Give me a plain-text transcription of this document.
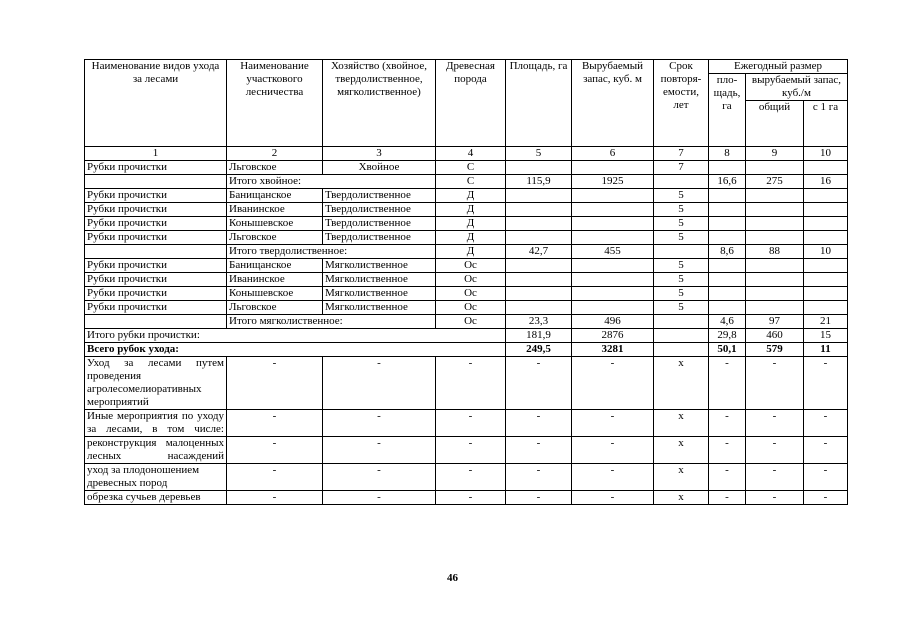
Наименование видов ухода за лесами	Наименование участкового лесничества	Хозяйство (хвойное, твердолиственное, мягколиственное)	Древесная порода	Площадь, га	Вырубаемый запас, куб. м	Срок повторя-емости, лет	Ежегодный размер		
							пло-щадь, га	вырубаемый запас, куб./м	
								общий	с 1 га
1	2	3	4	5	6	7	8	9	10
Рубки прочистки	Льговское	Хвойное	С			7			
	Итого хвойное:		С	115,9	1925		16,6	275	16
Рубки прочистки	Банищанское	Твердолиственное	Д			5			
Рубки прочистки	Иванинское	Твердолиственное	Д			5			
Рубки прочистки	Конышевское	Твердолиственное	Д			5			
Рубки прочистки	Льговское	Твердолиственное	Д			5			
	Итого твердолиственное:		Д	42,7	455		8,6	88	10
Рубки прочистки	Банищанское	Мягколиственное	Ос			5			
Рубки прочистки	Иванинское	Мягколиственное	Ос			5			
Рубки прочистки	Конышевское	Мягколиственное	Ос			5			
Рубки прочистки	Льговское	Мягколиственное	Ос			5			
	Итого мягколиственное:		Ос	23,3	496		4,6	97	21
Итого рубки прочистки:				181,9	2876		29,8	460	15
Всего рубок ухода:				249,5	3281		50,1	579	11
Уход за лесами путем проведения агролесомелиоративных мероприятий	-	-	-	-	-	х	-	-	-
Иные мероприятия по уходу за лесами, в том числе:	-	-	-	-	-	х	-	-	-
реконструкция малоценных лесных насаждений	-	-	-	-	-	х	-	-	-
уход за плодоношением древесных пород	-	-	-	-	-	х	-	-	-
обрезка сучьев деревьев	-	-	-	-	-	х	-	-	-
46
